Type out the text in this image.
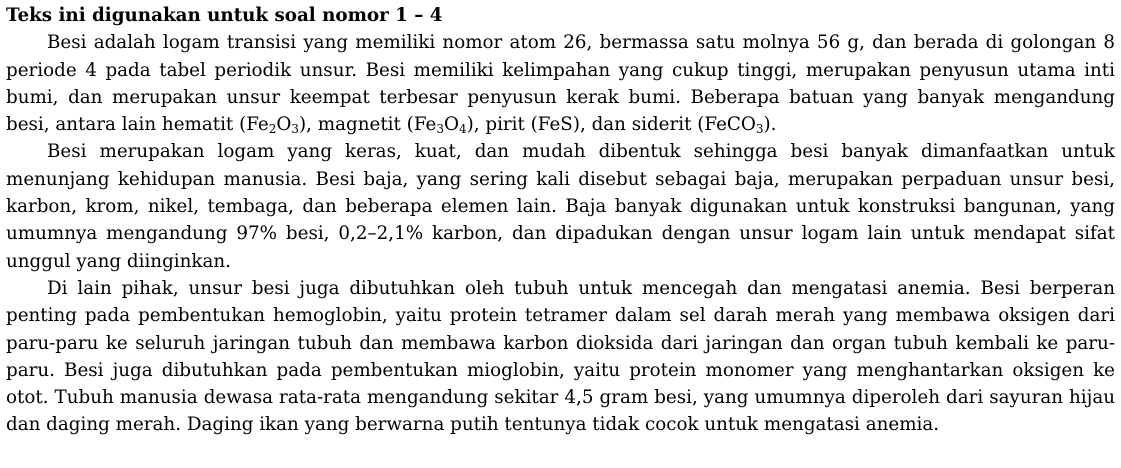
Teks ini digunakan untuk soal nomor 1 – 4

Besi adalah logam transisi yang memiliki nomor atom 26, bermassa satu molnya 56 g, dan berada di golongan 8 periode 4 pada tabel periodik unsur. Besi memiliki kelimpahan yang cukup tinggi, merupakan penyusun utama inti bumi, dan merupakan unsur keempat terbesar penyusun kerak bumi. Beberapa batuan yang banyak mengandung besi, antara lain hematit $(Fe_2O_3)$, magnetit $(Fe_3O_4)$, pirit (FeS), dan siderit (FeCO$_3$).

Besi merupakan logam yang keras, kuat, dan mudah dibentuk sehingga besi banyak dimanfaatkan untuk menunjang kehidupan manusia. Besi baja, yang sering kali disebut sebagai baja, merupakan perpaduan unsur besi, karbon, krom, nikel, tembaga, dan beberapa elemen lain. Baja banyak digunakan untuk konstruksi bangunan, yang umumnya mengandung 97% besi, 0,2–2,1% karbon, dan dipadukan dengan unsur logam lain untuk mendapat sifat unggul yang diinginkan.

Di lain pihak, unsur besi juga dibutuhkan oleh tubuh untuk mencegah dan mengatasi anemia. Besi berperan penting pada pembentukan hemoglobin, yaitu protein tetramer dalam sel darah merah yang membawa oksigen dari paru-paru ke seluruh jaringan tubuh dan membawa karbon dioksida dari jaringan dan organ tubuh kembali ke paru-paru. Besi juga dibutuhkan pada pembentukan mioglobin, yaitu protein monomer yang menghantarkan oksigen ke otot. Tubuh manusia dewasa rata-rata mengandung sekitar 4,5 gram besi, yang umumnya diperoleh dari sayuran hijau dan daging merah. Daging ikan yang berwarna putih tentunya tidak cocok untuk mengatasi anemia.
